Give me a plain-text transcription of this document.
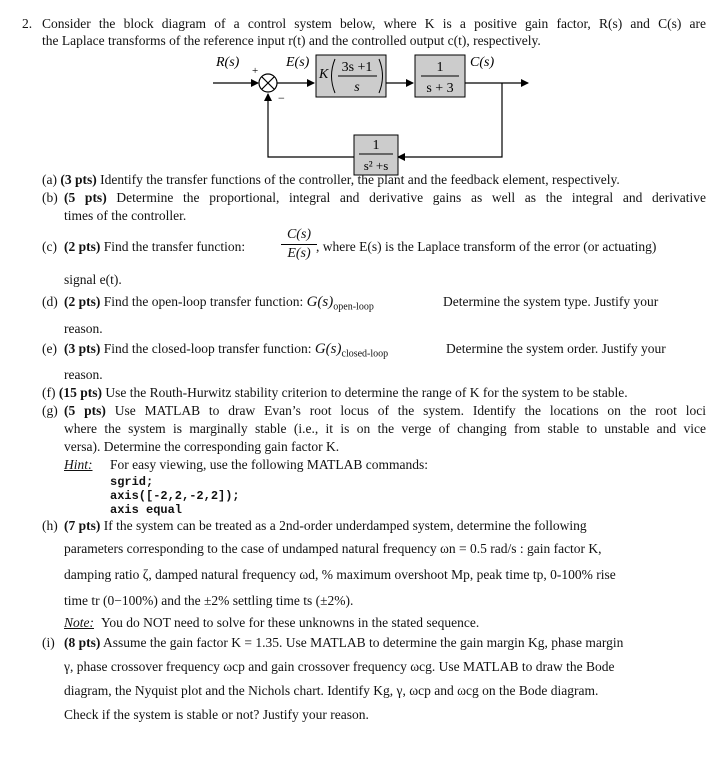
2. Consider the block diagram of a control system below, where K is a positive gain factor, R(s) and C(s) are
the Laplace transforms of the reference input r(t) and the controlled output c(t), respectively.
R(s)
+
−
E(s)
K 3s +1
s
1
s + 3
C(s)
1
s² +s
(a) (3 pts) Identify the transfer functions of the controller, the plant and the feedback element, respectively.
(b) (5 pts) Determine the proportional, integral and derivative gains as well as the integral and derivative
times of the controller.
(c) (2 pts) Find the transfer function:
C(s)
E(s) , where E(s) is the Laplace transform of the error (or actuating)
signal e(t).
(d) (2 pts) Find the open-loop transfer function: $G(s)_{open-loop}$	Determine the system type. Justify your
reason.
(e) (3 pts) Find the closed-loop transfer function: $G(s)_{closed-loop}$	Determine the system order. Justify your
reason.
(f) (15 pts) Use the Routh-Hurwitz stability criterion to determine the range of K for the system to be stable.
(g) (5 pts) Use MATLAB to draw Evan’s root locus of the system. Identify the locations on the root loci
where the system is marginally stable (i.e., it is on the verge of changing from stable to unstable and vice
versa). Determine the corresponding gain factor K.
Hint: For easy viewing, use the following MATLAB commands:
sgrid;
axis([-2,2,-2,2]);
axis equal
(h) (7 pts) If the system can be treated as a 2nd-order underdamped system, determine the following
parameters corresponding to the case of undamped natural frequency ωn = 0.5 rad/s : gain factor K,
damping ratio ζ, damped natural frequency ωd, % maximum overshoot Mp, peak time tp, 0-100% rise
time tr (0−100%) and the ±2% settling time ts (±2%).
Note: You do NOT need to solve for these unknowns in the stated sequence.
(i) (8 pts) Assume the gain factor K = 1.35. Use MATLAB to determine the gain margin Kg, phase margin
γ, phase crossover frequency ωcp and gain crossover frequency ωcg. Use MATLAB to draw the Bode
diagram, the Nyquist plot and the Nichols chart. Identify Kg, γ, ωcp and ωcg on the Bode diagram.
Check if the system is stable or not? Justify your reason.
